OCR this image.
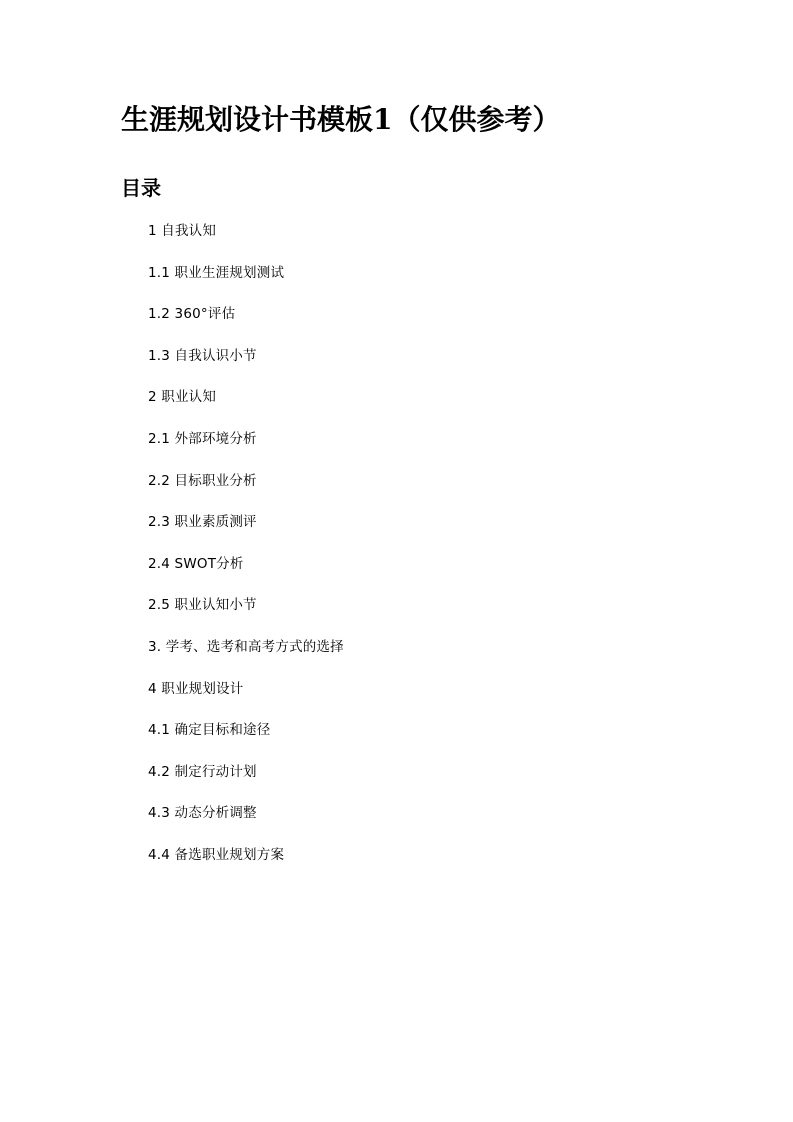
生涯规划设计书模板1（仅供参考）
目录
1 自我认知
1.1 职业生涯规划测试
1.2 360°评估
1.3 自我认识小节
2 职业认知
2.1 外部环境分析
2.2 目标职业分析
2.3 职业素质测评
2.4 SWOT分析
2.5 职业认知小节
3. 学考、选考和高考方式的选择
4 职业规划设计
4.1 确定目标和途径
4.2 制定行动计划
4.3 动态分析调整
4.4 备选职业规划方案
